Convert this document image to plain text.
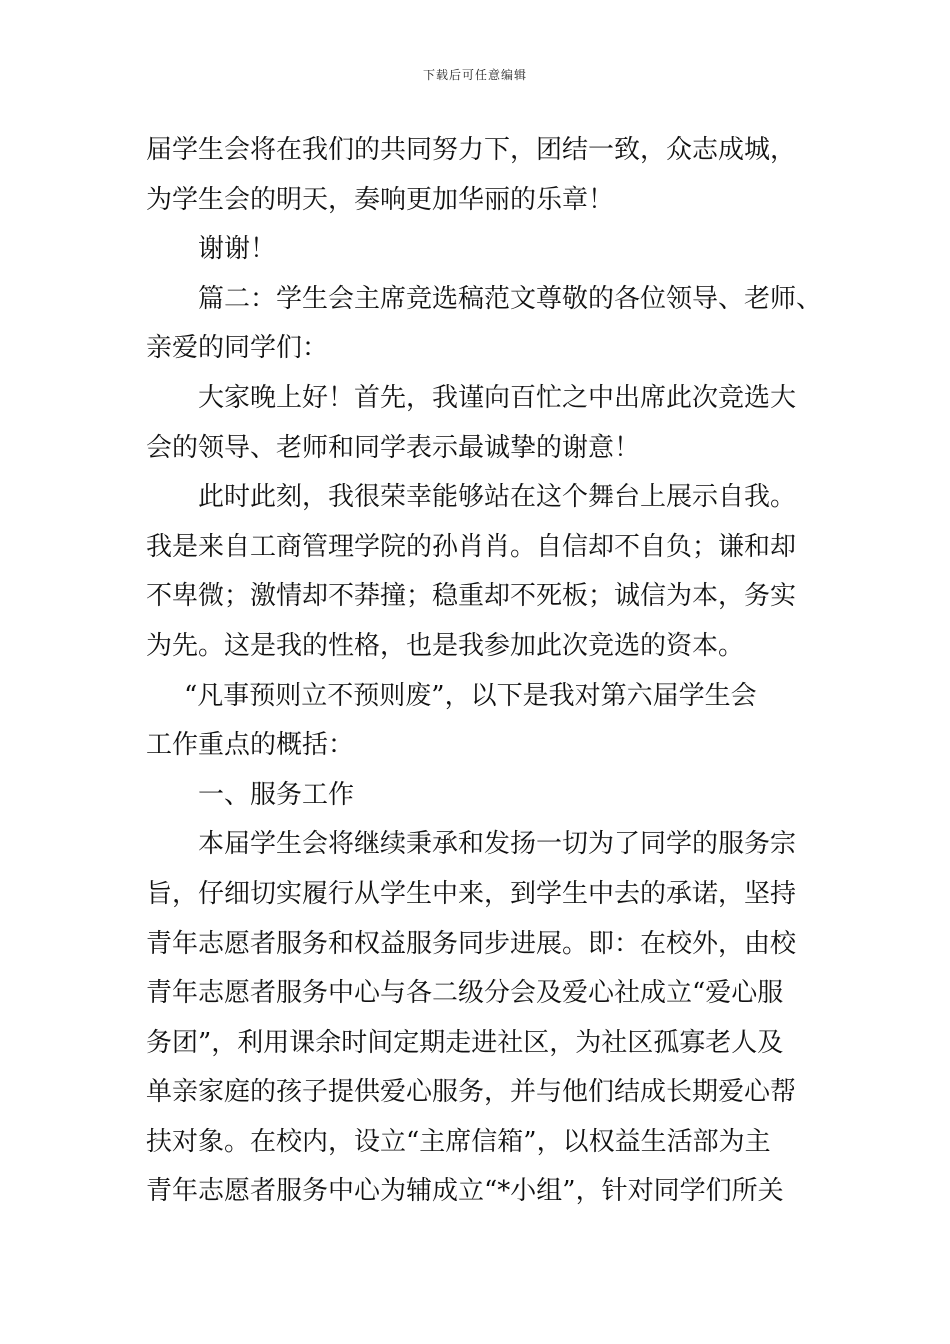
下载后可任意编辑
届学生会将在我们的共同努力下，团结一致，众志成城，
为学生会的明天，奏响更加华丽的乐章！
谢谢！
篇二：学生会主席竞选稿范文尊敬的各位领导、老师、
亲爱的同学们：
大家晚上好！首先，我谨向百忙之中出席此次竞选大
会的领导、老师和同学表示最诚挚的谢意！
此时此刻，我很荣幸能够站在这个舞台上展示自我。
我是来自工商管理学院的孙肖肖。自信却不自负；谦和却
不卑微；激情却不莽撞；稳重却不死板；诚信为本，务实
为先。这是我的性格，也是我参加此次竞选的资本。
“凡事预则立不预则废”，以下是我对第六届学生会
工作重点的概括：
一、服务工作
本届学生会将继续秉承和发扬一切为了同学的服务宗
旨，仔细切实履行从学生中来，到学生中去的承诺，坚持
青年志愿者服务和权益服务同步进展。即：在校外，由校
青年志愿者服务中心与各二级分会及爱心社成立“爱心服
务团”，利用课余时间定期走进社区，为社区孤寡老人及
单亲家庭的孩子提供爱心服务，并与他们结成长期爱心帮
扶对象。在校内，设立“主席信箱”，以权益生活部为主
青年志愿者服务中心为辅成立“*小组”，针对同学们所关
